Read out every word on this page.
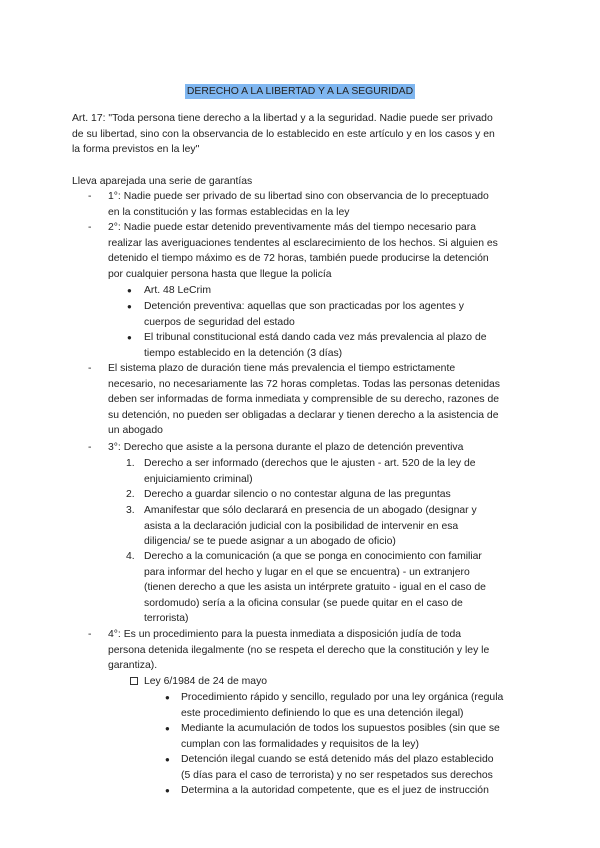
DERECHO A LA LIBERTAD Y A LA SEGURIDAD
Art. 17: "Toda persona tiene derecho a la libertad y a la seguridad. Nadie puede ser privado
de su libertad, sino con la observancia de lo establecido en este artículo y en los casos y en
la forma previstos en la ley"
Lleva aparejada una serie de garantías
- 1°: Nadie puede ser privado de su libertad sino con observancia de lo preceptuado
en la constitución y las formas establecidas en la ley
- 2°: Nadie puede estar detenido preventivamente más del tiempo necesario para
realizar las averiguaciones tendentes al esclarecimiento de los hechos. Si alguien es
detenido el tiempo máximo es de 72 horas, también puede producirse la detención
por cualquier persona hasta que llegue la policía
● Art. 48 LeCrim
● Detención preventiva: aquellas que son practicadas por los agentes y
cuerpos de seguridad del estado
● El tribunal constitucional está dando cada vez más prevalencia al plazo de
tiempo establecido en la detención (3 días)
- El sistema plazo de duración tiene más prevalencia el tiempo estrictamente
necesario, no necesariamente las 72 horas completas. Todas las personas detenidas
deben ser informadas de forma inmediata y comprensible de su derecho, razones de
su detención, no pueden ser obligadas a declarar y tienen derecho a la asistencia de
un abogado
- 3°: Derecho que asiste a la persona durante el plazo de detención preventiva
1. Derecho a ser informado (derechos que le ajusten - art. 520 de la ley de
enjuiciamiento criminal)
2. Derecho a guardar silencio o no contestar alguna de las preguntas
3. Amanifestar que sólo declarará en presencia de un abogado (designar y
asista a la declaración judicial con la posibilidad de intervenir en esa
diligencia/ se te puede asignar a un abogado de oficio)
4. Derecho a la comunicación (a que se ponga en conocimiento con familiar
para informar del hecho y lugar en el que se encuentra) - un extranjero
(tienen derecho a que les asista un intérprete gratuito - igual en el caso de
sordomudo) sería a la oficina consular (se puede quitar en el caso de
terrorista)
- 4°: Es un procedimiento para la puesta inmediata a disposición judía de toda
persona detenida ilegalmente (no se respeta el derecho que la constitución y ley le
garantiza).
Ley 6/1984 de 24 de mayo
● Procedimiento rápido y sencillo, regulado por una ley orgánica (regula
este procedimiento definiendo lo que es una detención ilegal)
● Mediante la acumulación de todos los supuestos posibles (sin que se
cumplan con las formalidades y requisitos de la ley)
● Detención ilegal cuando se está detenido más del plazo establecido
(5 días para el caso de terrorista) y no ser respetados sus derechos
● Determina a la autoridad competente, que es el juez de instrucción
